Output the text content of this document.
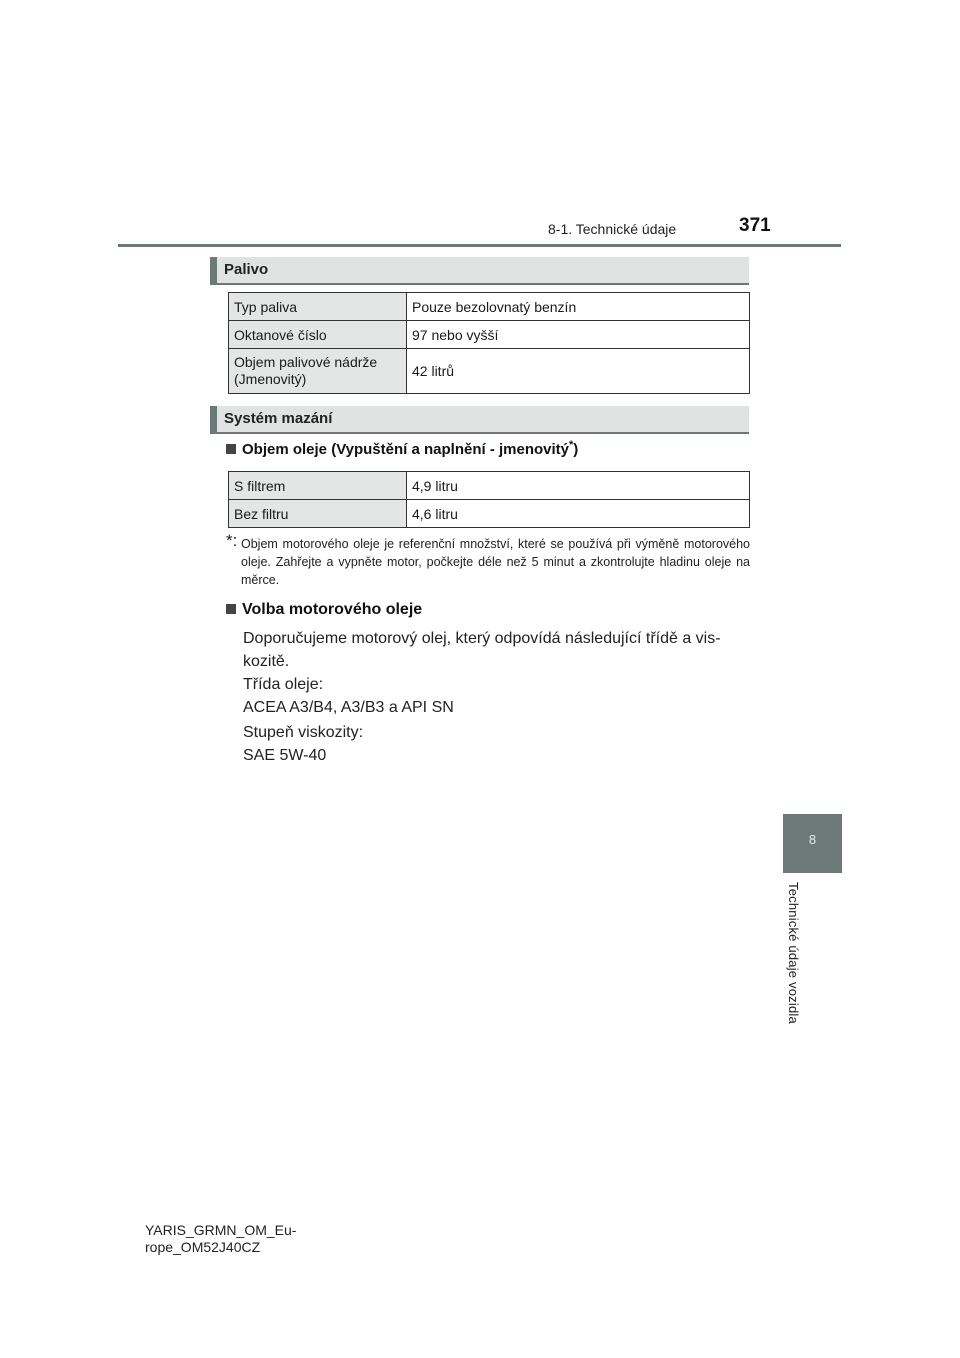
8-1. Technické údaje	371
8
Technické údaje vozidla
Palivo
Typ paliva	Pouze bezolovnatý benzín
Oktanové číslo	97 nebo vyšší
Objem palivové nádrže
(Jmenovitý)	42 litrů
Systém mazání
Objem oleje (Vypuštění a naplnění - jmenovitý*)
S filtrem	4,9 litru
Bez filtru	4,6 litru
*: Objem motorového oleje je referenční množství, které se používá při výměně motorového oleje. Zahřejte a vypněte motor, počkejte déle než 5 minut a zkontrolujte hladinu oleje na měrce.
Volba motorového oleje
Doporučujeme motorový olej, který odpovídá následující třídě a vis-
kozitě.
Třída oleje:
ACEA A3/B4, A3/B3 a API SN
Stupeň viskozity:
SAE 5W-40
YARIS_GRMN_OM_Eu-
rope_OM52J40CZ
